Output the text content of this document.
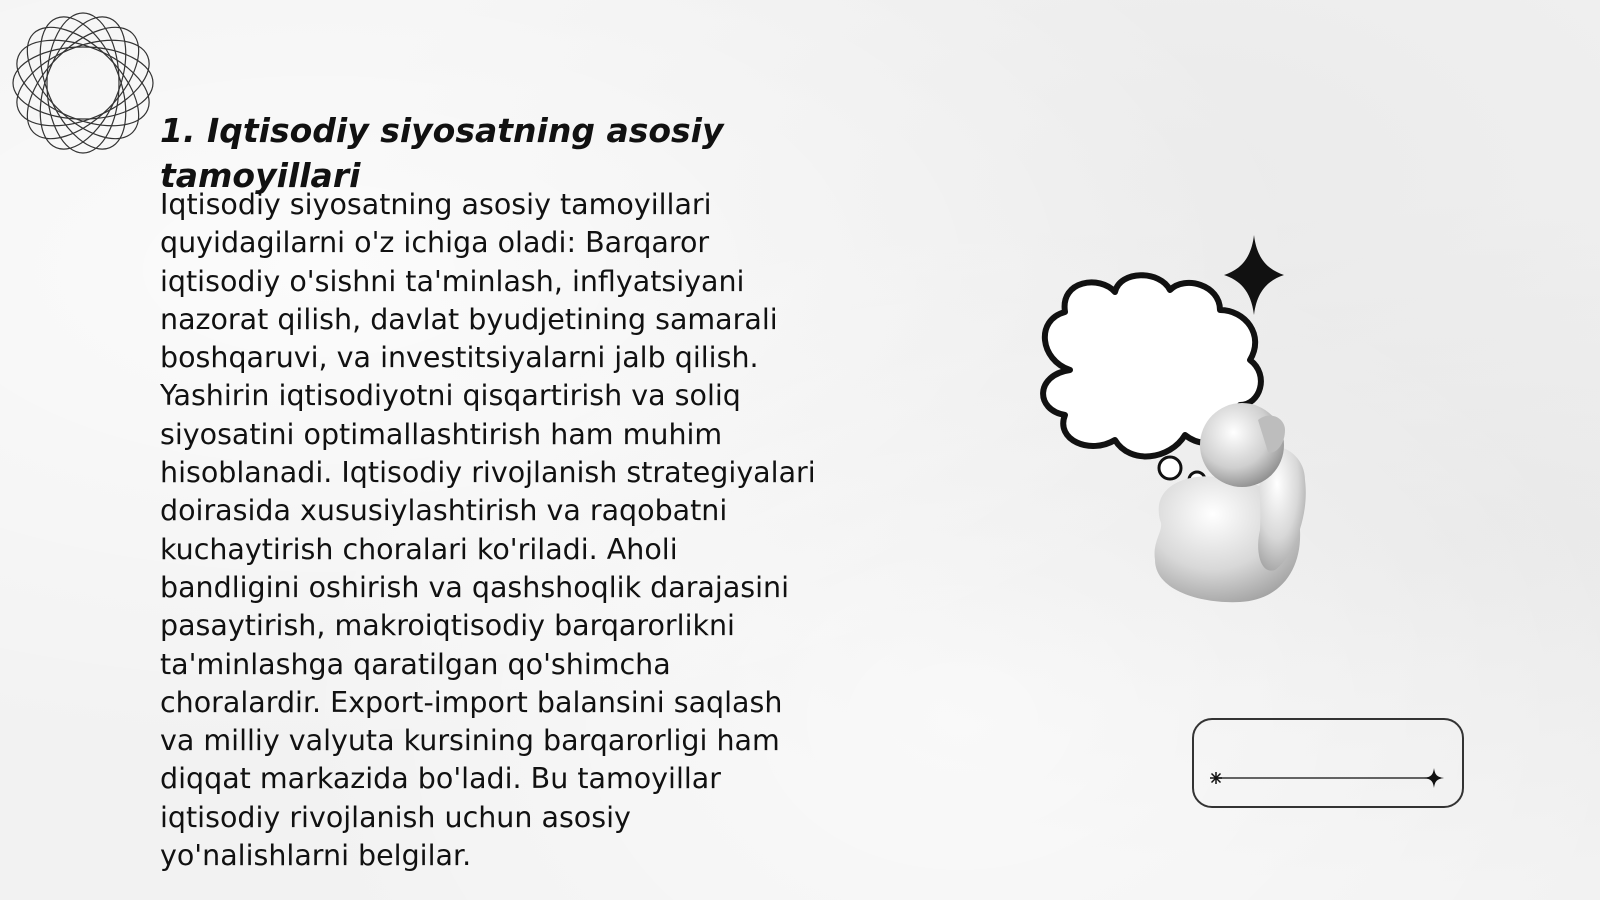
1. Iqtisodiy siyosatning asosiy tamoyillari

Iqtisodiy siyosatning asosiy tamoyillari quyidagilarni o'z ichiga oladi: Barqaror iqtisodiy o'sishni ta'minlash, inflyatsiyani nazorat qilish, davlat byudjetining samarali boshqaruvi, va investitsiyalarni jalb qilish. Yashirin iqtisodiyotni qisqartirish va soliq siyosatini optimallashtirish ham muhim hisoblanadi. Iqtisodiy rivojlanish strategiyalari doirasida xususiylashtirish va raqobatni kuchaytirish choralari ko'riladi. Aholi bandligini oshirish va qashshoqlik darajasini pasaytirish, makroiqtisodiy barqarorlikni ta'minlashga qaratilgan qo'shimcha choralardir. Export-import balansini saqlash va milliy valyuta kursining barqarorligi ham diqqat markazida bo'ladi. Bu tamoyillar iqtisodiy rivojlanish uchun asosiy yo'nalishlarni belgilar.
